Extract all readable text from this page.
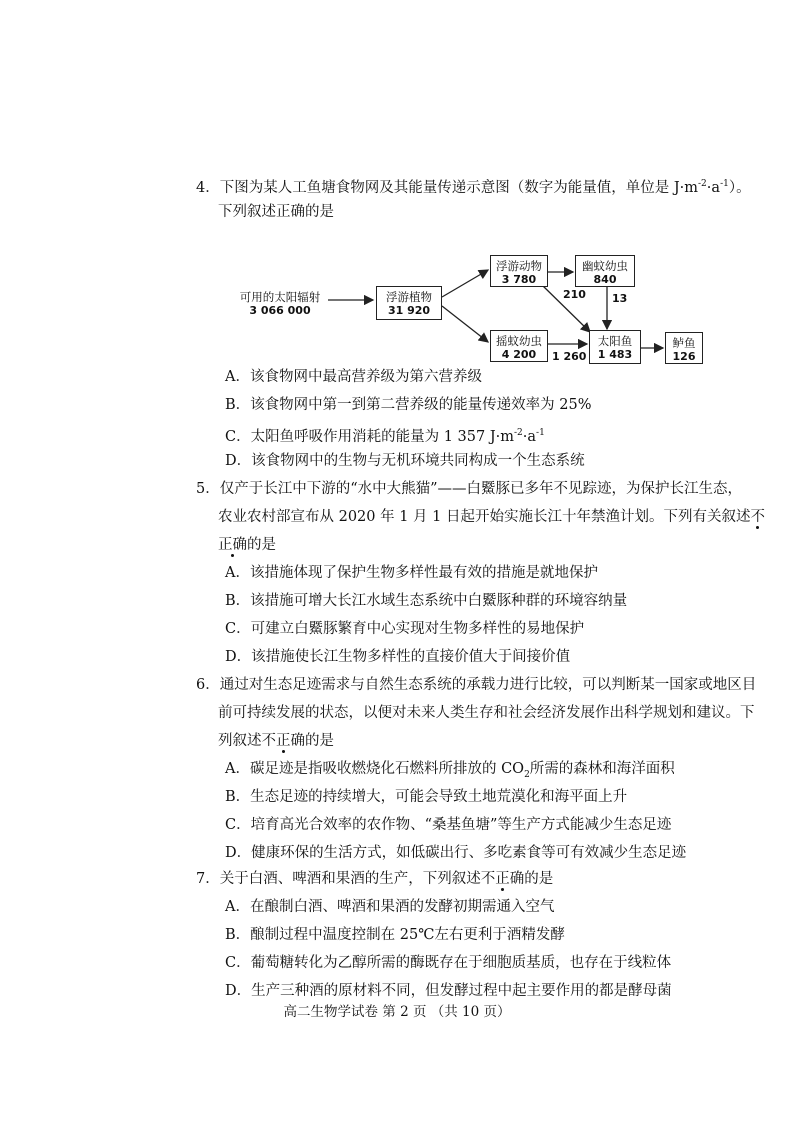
4．下图为某人工鱼塘食物网及其能量传递示意图（数字为能量值，单位是 $J\cdot m^{-2}\cdot a^{-1}$）。
下列叙述正确的是
可用的太阳辐射
3 066 000
浮游植物
31 920
浮游动物
3 780
幽蚊幼虫
840
摇蚊幼虫
4 200
太阳鱼
1 483
鲈鱼
126
210 13
1 260
A．该食物网中最高营养级为第六营养级
B．该食物网中第一到第二营养级的能量传递效率为 25%
C．太阳鱼呼吸作用消耗的能量为 1 357 $J\cdot m^{-2}\cdot a^{-1}$
D．该食物网中的生物与无机环境共同构成一个生态系统
5．仅产于长江中下游的“水中大熊猫”——白鱀豚已多年不见踪迹，为保护长江生态，
农业农村部宣布从 2020 年 1 月 1 日起开始实施长江十年禁渔计划。下列有关叙述不
正确的是
A．该措施体现了保护生物多样性最有效的措施是就地保护
B．该措施可增大长江水域生态系统中白鱀豚种群的环境容纳量
C．可建立白鱀豚繁育中心实现对生物多样性的易地保护
D．该措施使长江生物多样性的直接价值大于间接价值
6．通过对生态足迹需求与自然生态系统的承载力进行比较，可以判断某一国家或地区目
前可持续发展的状态，以便对未来人类生存和社会经济发展作出科学规划和建议。下
列叙述不正确的是
A．碳足迹是指吸收燃烧化石燃料所排放的 $CO_2$所需的森林和海洋面积
B．生态足迹的持续增大，可能会导致土地荒漠化和海平面上升
C．培育高光合效率的农作物、“桑基鱼塘”等生产方式能减少生态足迹
D．健康环保的生活方式，如低碳出行、多吃素食等可有效减少生态足迹
7．关于白酒、啤酒和果酒的生产，下列叙述不正确的是
A．在酿制白酒、啤酒和果酒的发酵初期需通入空气
B．酿制过程中温度控制在 25℃左右更利于酒精发酵
C．葡萄糖转化为乙醇所需的酶既存在于细胞质基质，也存在于线粒体
D．生产三种酒的原材料不同，但发酵过程中起主要作用的都是酵母菌
高二生物学试卷 第 2 页 （共 10 页）
